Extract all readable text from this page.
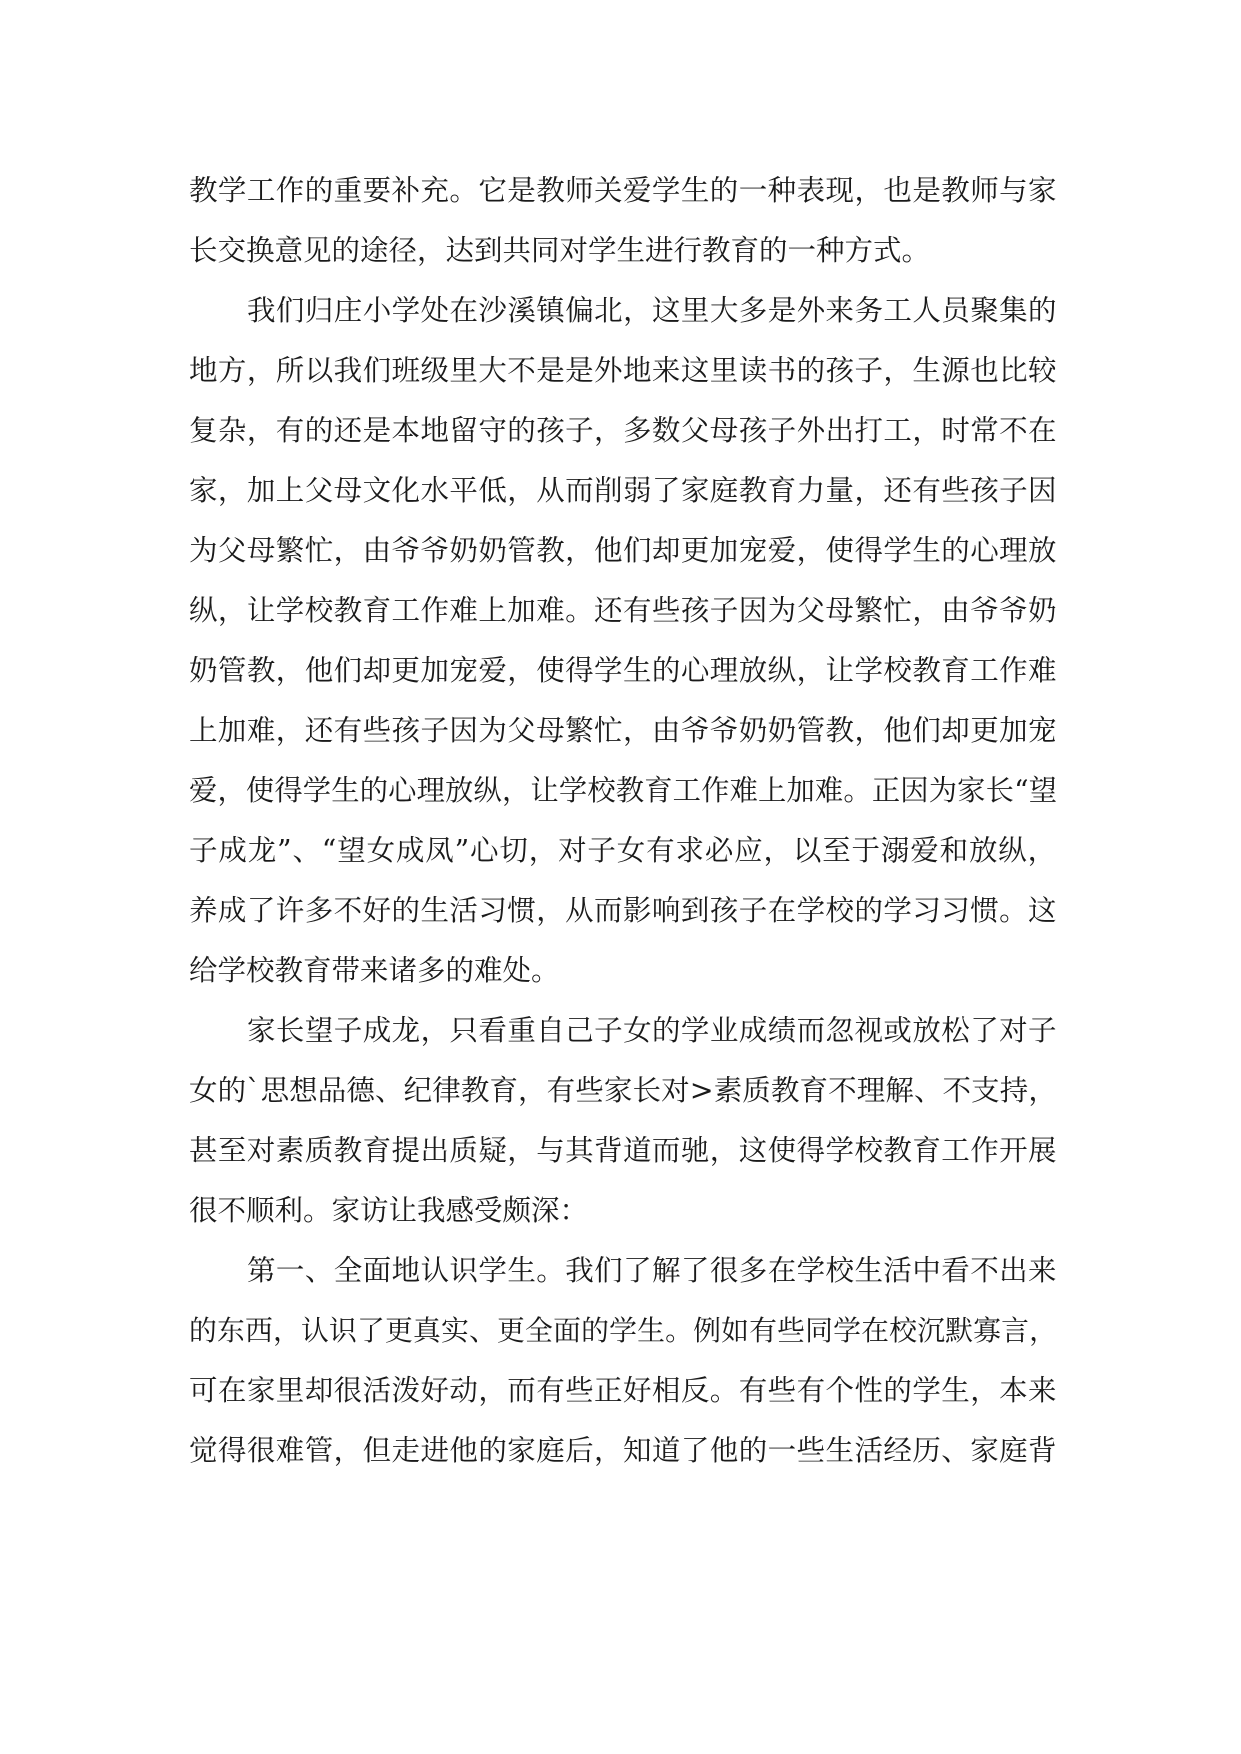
教学工作的重要补充。它是教师关爱学生的一种表现，也是教师与家
长交换意见的途径，达到共同对学生进行教育的一种方式。
我们归庄小学处在沙溪镇偏北，这里大多是外来务工人员聚集的
地方，所以我们班级里大不是是外地来这里读书的孩子，生源也比较
复杂，有的还是本地留守的孩子，多数父母孩子外出打工，时常不在
家，加上父母文化水平低，从而削弱了家庭教育力量，还有些孩子因
为父母繁忙，由爷爷奶奶管教，他们却更加宠爱，使得学生的心理放
纵，让学校教育工作难上加难。还有些孩子因为父母繁忙，由爷爷奶
奶管教，他们却更加宠爱，使得学生的心理放纵，让学校教育工作难
上加难，还有些孩子因为父母繁忙，由爷爷奶奶管教，他们却更加宠
爱，使得学生的心理放纵，让学校教育工作难上加难。正因为家长“望
子成龙”、“望女成凤”心切，对子女有求必应，以至于溺爱和放纵，
养成了许多不好的生活习惯，从而影响到孩子在学校的学习习惯。这
给学校教育带来诸多的难处。
家长望子成龙，只看重自己子女的学业成绩而忽视或放松了对子
女的`思想品德、纪律教育，有些家长对>素质教育不理解、不支持，
甚至对素质教育提出质疑，与其背道而驰，这使得学校教育工作开展
很不顺利。家访让我感受颇深：
第一、全面地认识学生。我们了解了很多在学校生活中看不出来
的东西，认识了更真实、更全面的学生。例如有些同学在校沉默寡言，
可在家里却很活泼好动，而有些正好相反。有些有个性的学生，本来
觉得很难管，但走进他的家庭后，知道了他的一些生活经历、家庭背
